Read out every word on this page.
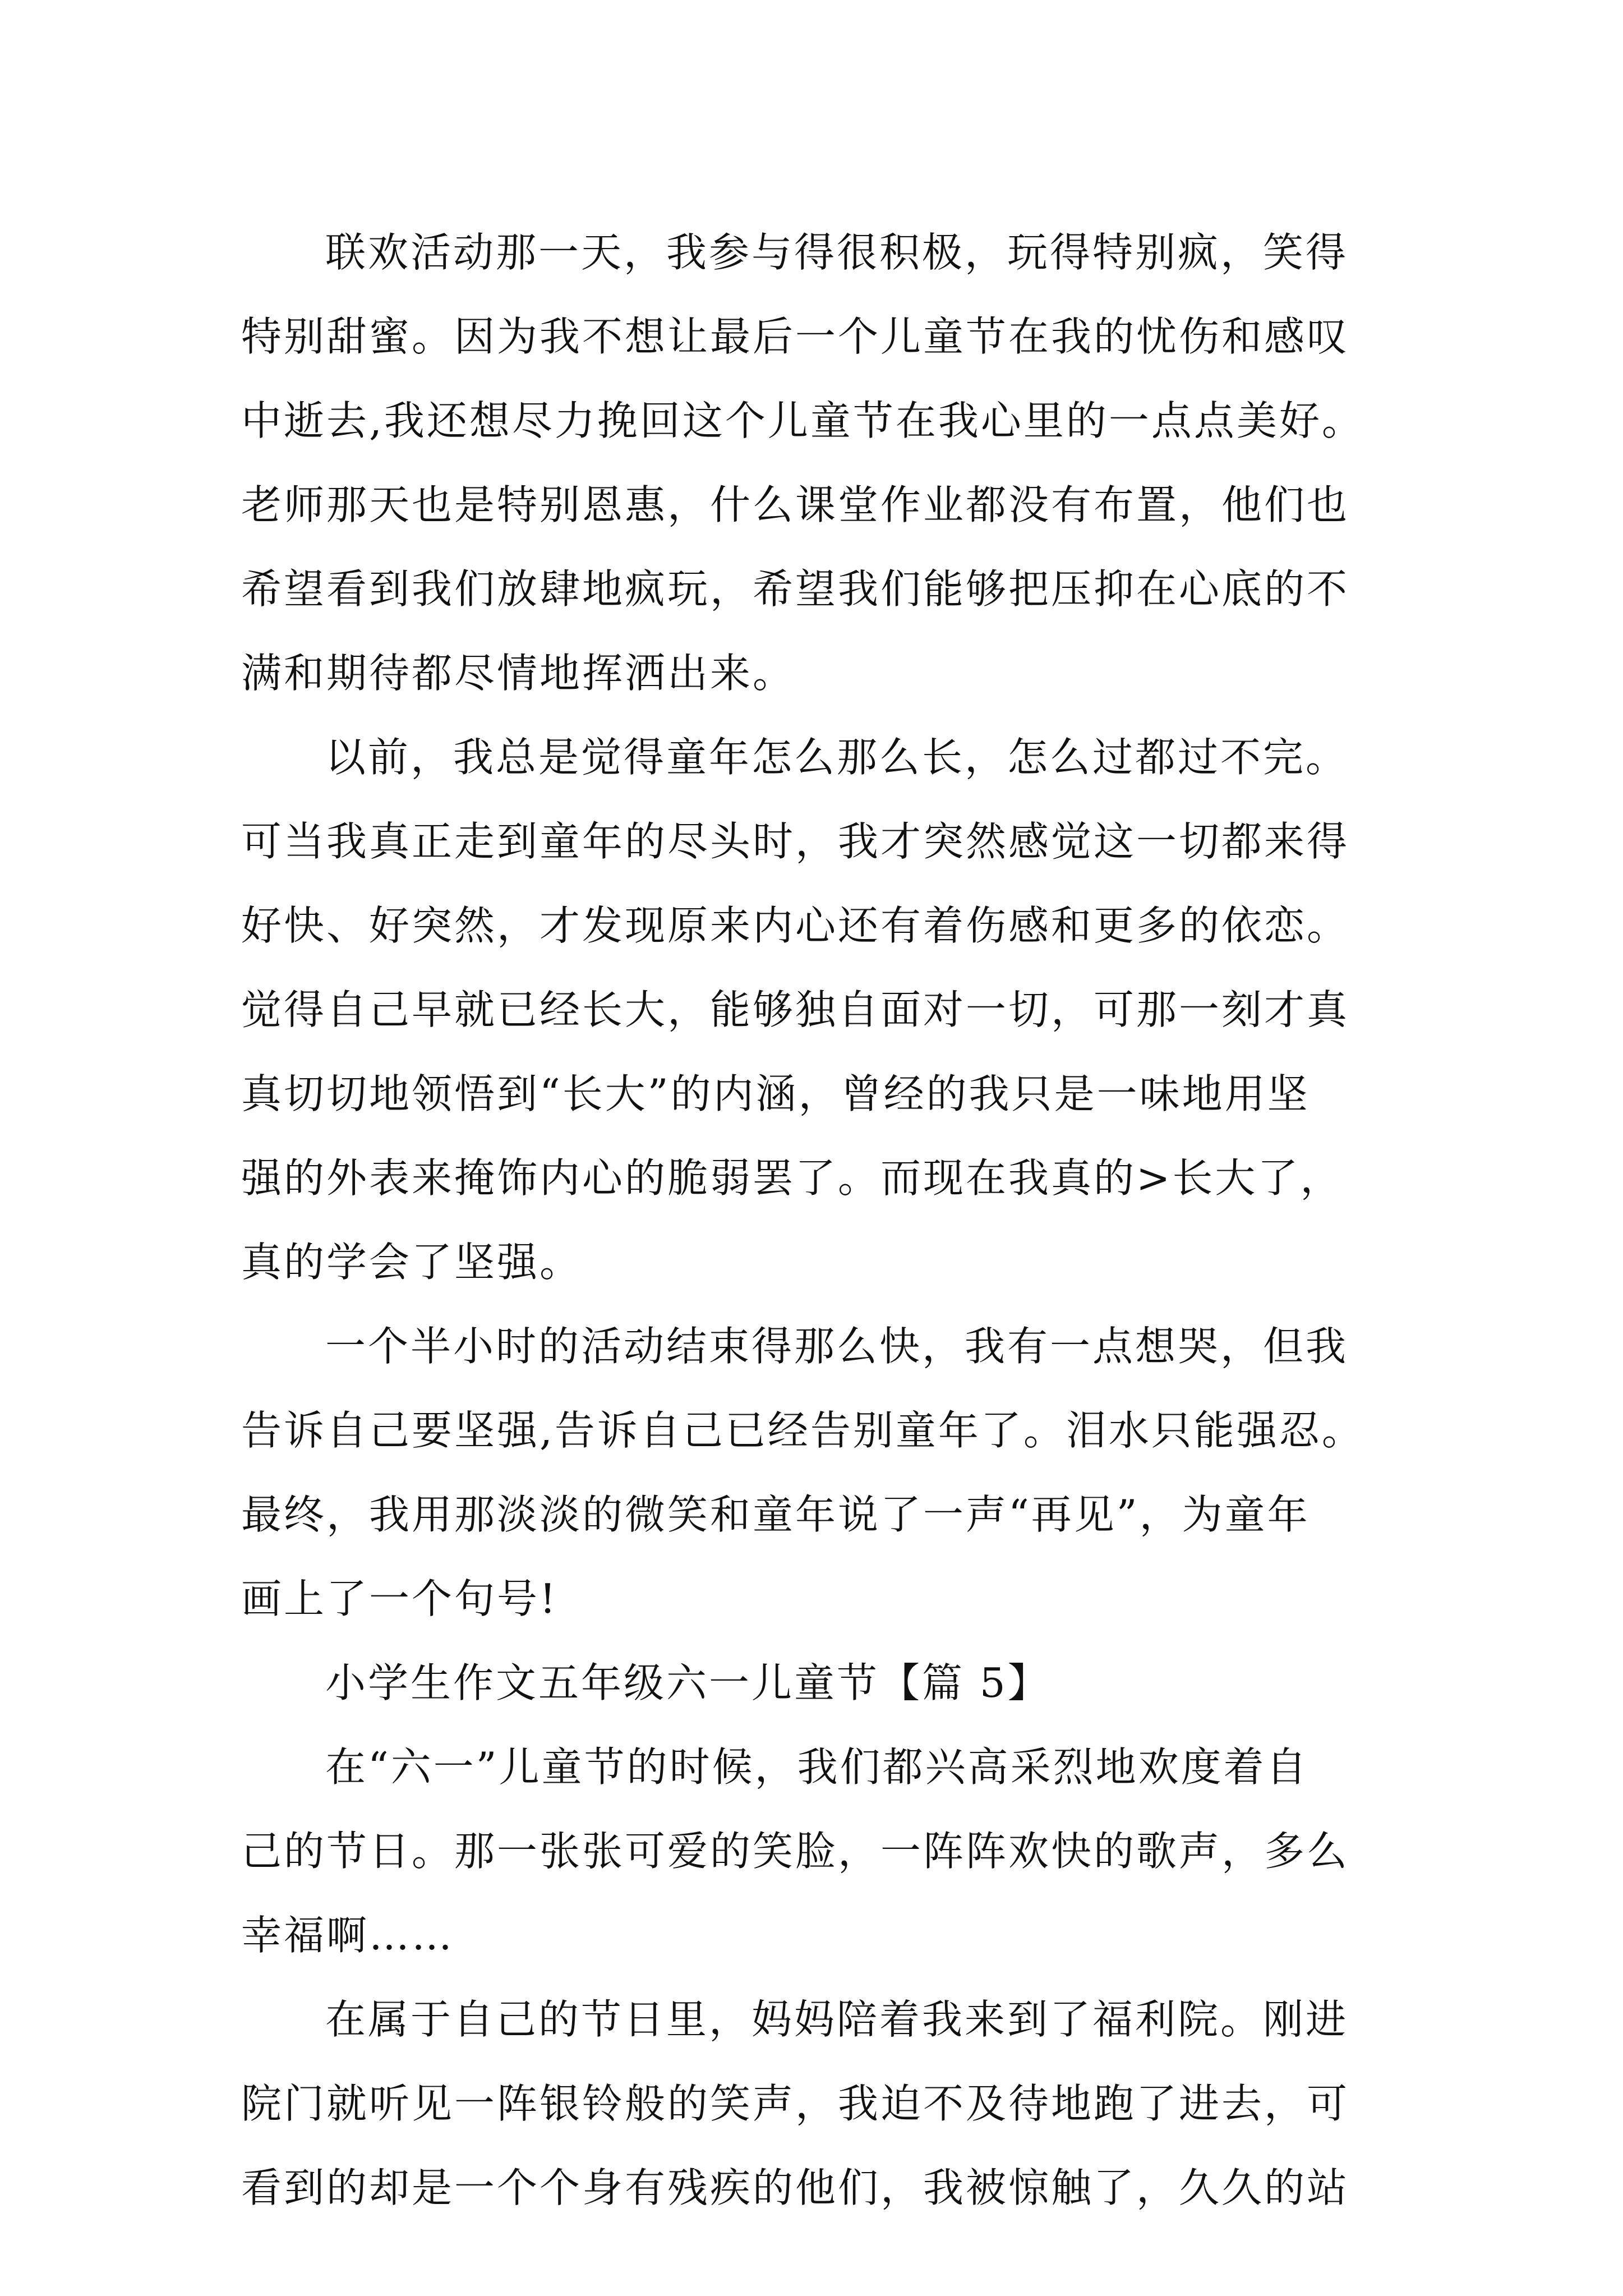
联欢活动那一天，我参与得很积极，玩得特别疯，笑得
特别甜蜜。因为我不想让最后一个儿童节在我的忧伤和感叹
中逝去,我还想尽力挽回这个儿童节在我心里的一点点美好。
老师那天也是特别恩惠，什么课堂作业都没有布置，他们也
希望看到我们放肆地疯玩，希望我们能够把压抑在心底的不
满和期待都尽情地挥洒出来。
以前，我总是觉得童年怎么那么长，怎么过都过不完。
可当我真正走到童年的尽头时，我才突然感觉这一切都来得
好快、好突然，才发现原来内心还有着伤感和更多的依恋。
觉得自己早就已经长大，能够独自面对一切，可那一刻才真
真切切地领悟到“长大”的内涵，曾经的我只是一味地用坚
强的外表来掩饰内心的脆弱罢了。而现在我真的>长大了，
真的学会了坚强。
一个半小时的活动结束得那么快，我有一点想哭，但我
告诉自己要坚强,告诉自己已经告别童年了。泪水只能强忍。
最终，我用那淡淡的微笑和童年说了一声“再见”，为童年
画上了一个句号!
小学生作文五年级六一儿童节【篇 5】
在“六一”儿童节的时候，我们都兴高采烈地欢度着自
己的节日。那一张张可爱的笑脸，一阵阵欢快的歌声，多么
幸福啊……
在属于自己的节日里，妈妈陪着我来到了福利院。刚进
院门就听见一阵银铃般的笑声，我迫不及待地跑了进去，可
看到的却是一个个身有残疾的他们，我被惊触了，久久的站
